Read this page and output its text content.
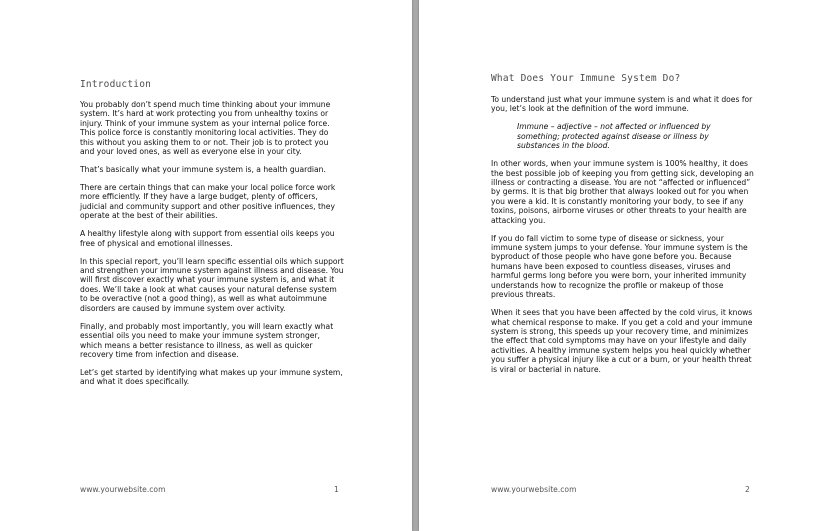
Introduction

You probably don’t spend much time thinking about your immune system. It’s hard at work protecting you from unhealthy toxins or injury. Think of your immune system as your internal police force. This police force is constantly monitoring local activities. They do this without you asking them to or not. Their job is to protect you and your loved ones, as well as everyone else in your city.

That’s basically what your immune system is, a health guardian.

There are certain things that can make your local police force work more efficiently. If they have a large budget, plenty of officers, judicial and community support and other positive influences, they operate at the best of their abilities.

A healthy lifestyle along with support from essential oils keeps you free of physical and emotional illnesses.

In this special report, you’ll learn specific essential oils which support and strengthen your immune system against illness and disease. You will first discover exactly what your immune system is, and what it does. We’ll take a look at what causes your natural defense system to be overactive (not a good thing), as well as what autoimmune disorders are caused by immune system over activity.

Finally, and probably most importantly, you will learn exactly what essential oils you need to make your immune system stronger, which means a better resistance to illness, as well as quicker recovery time from infection and disease.

Let’s get started by identifying what makes up your immune system, and what it does specifically.

www.yourwebsite.com	1
What Does Your Immune System Do?

To understand just what your immune system is and what it does for you, let’s look at the definition of the word immune.

Immune – adjective – not affected or influenced by something; protected against disease or illness by substances in the blood.

In other words, when your immune system is 100% healthy, it does the best possible job of keeping you from getting sick, developing an illness or contracting a disease. You are not “affected or influenced” by germs. It is that big brother that always looked out for you when you were a kid. It is constantly monitoring your body, to see if any toxins, poisons, airborne viruses or other threats to your health are attacking you.

If you do fall victim to some type of disease or sickness, your immune system jumps to your defense. Your immune system is the byproduct of those people who have gone before you. Because humans have been exposed to countless diseases, viruses and harmful germs long before you were born, your inherited immunity understands how to recognize the profile or makeup of those previous threats.

When it sees that you have been affected by the cold virus, it knows what chemical response to make. If you get a cold and your immune system is strong, this speeds up your recovery time, and minimizes the effect that cold symptoms may have on your lifestyle and daily activities. A healthy immune system helps you heal quickly whether you suffer a physical injury like a cut or a burn, or your health threat is viral or bacterial in nature.

www.yourwebsite.com	2
